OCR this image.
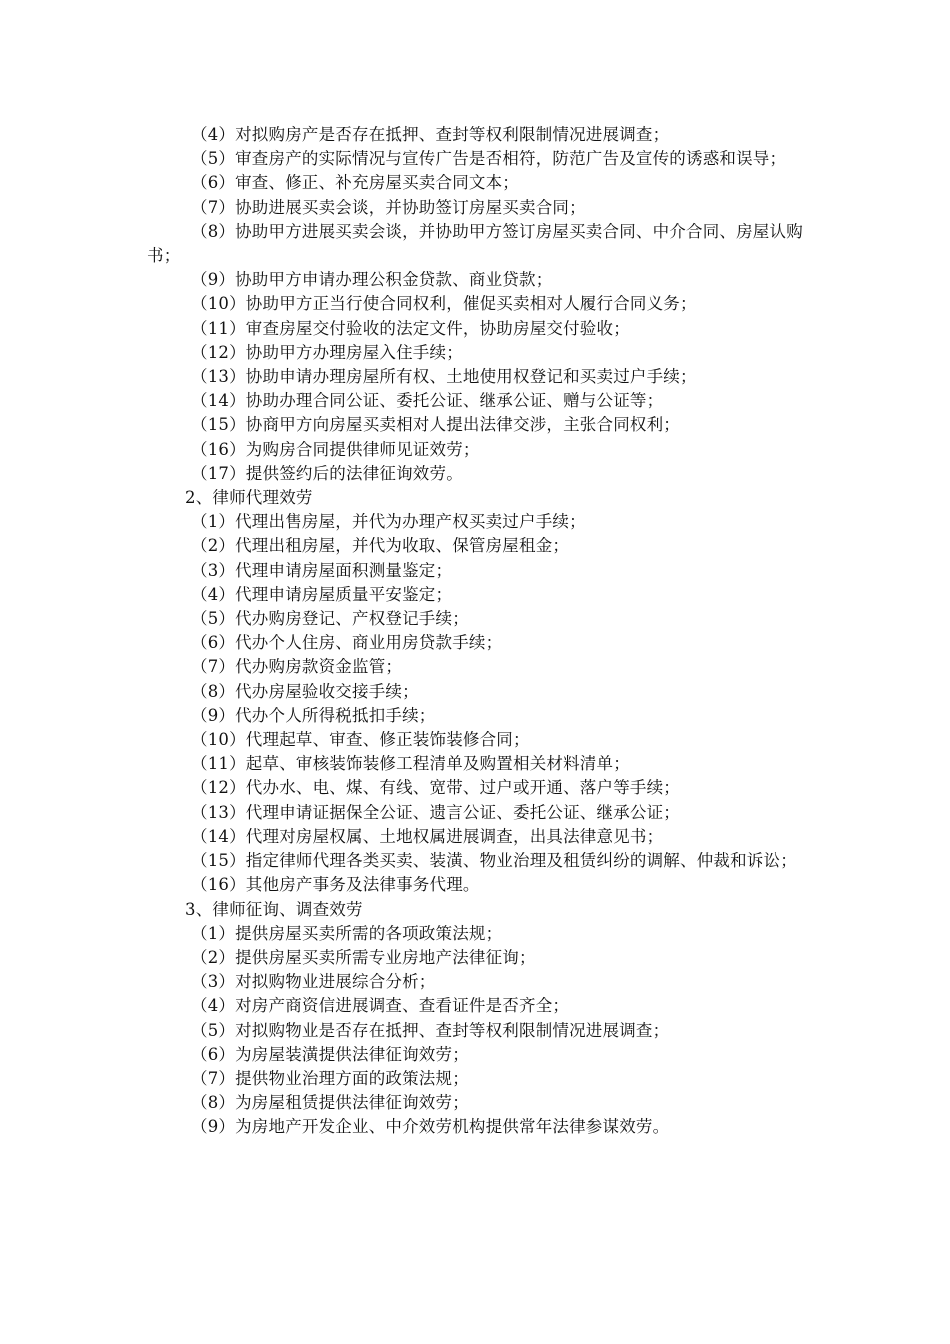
（4）对拟购房产是否存在抵押、查封等权利限制情况进展调查；

（5）审查房产的实际情况与宣传广告是否相符，防范广告及宣传的诱惑和误导；

（6）审查、修正、补充房屋买卖合同文本；

（7）协助进展买卖会谈，并协助签订房屋买卖合同；

（8）协助甲方进展买卖会谈，并协助甲方签订房屋买卖合同、中介合同、房屋认购书；

（9）协助甲方申请办理公积金贷款、商业贷款；

（10）协助甲方正当行使合同权利，催促买卖相对人履行合同义务；

（11）审查房屋交付验收的法定文件，协助房屋交付验收；

（12）协助甲方办理房屋入住手续；

（13）协助申请办理房屋所有权、土地使用权登记和买卖过户手续；

（14）协助办理合同公证、委托公证、继承公证、赠与公证等；

（15）协商甲方向房屋买卖相对人提出法律交涉，主张合同权利；

（16）为购房合同提供律师见证效劳；

（17）提供签约后的法律征询效劳。

2、律师代理效劳

（1）代理出售房屋，并代为办理产权买卖过户手续；

（2）代理出租房屋，并代为收取、保管房屋租金；

（3）代理申请房屋面积测量鉴定；

（4）代理申请房屋质量平安鉴定；

（5）代办购房登记、产权登记手续；

（6）代办个人住房、商业用房贷款手续；

（7）代办购房款资金监管；

（8）代办房屋验收交接手续；

（9）代办个人所得税抵扣手续；

（10）代理起草、审查、修正装饰装修合同；

（11）起草、审核装饰装修工程清单及购置相关材料清单；

（12）代办水、电、煤、有线、宽带、过户或开通、落户等手续；

（13）代理申请证据保全公证、遗言公证、委托公证、继承公证；

（14）代理对房屋权属、土地权属进展调查，出具法律意见书；

（15）指定律师代理各类买卖、装潢、物业治理及租赁纠纷的调解、仲裁和诉讼；

（16）其他房产事务及法律事务代理。

3、律师征询、调查效劳

（1）提供房屋买卖所需的各项政策法规；

（2）提供房屋买卖所需专业房地产法律征询；

（3）对拟购物业进展综合分析；

（4）对房产商资信进展调查、查看证件是否齐全；

（5）对拟购物业是否存在抵押、查封等权利限制情况进展调查；

（6）为房屋装潢提供法律征询效劳；

（7）提供物业治理方面的政策法规；

（8）为房屋租赁提供法律征询效劳；

（9）为房地产开发企业、中介效劳机构提供常年法律参谋效劳。
